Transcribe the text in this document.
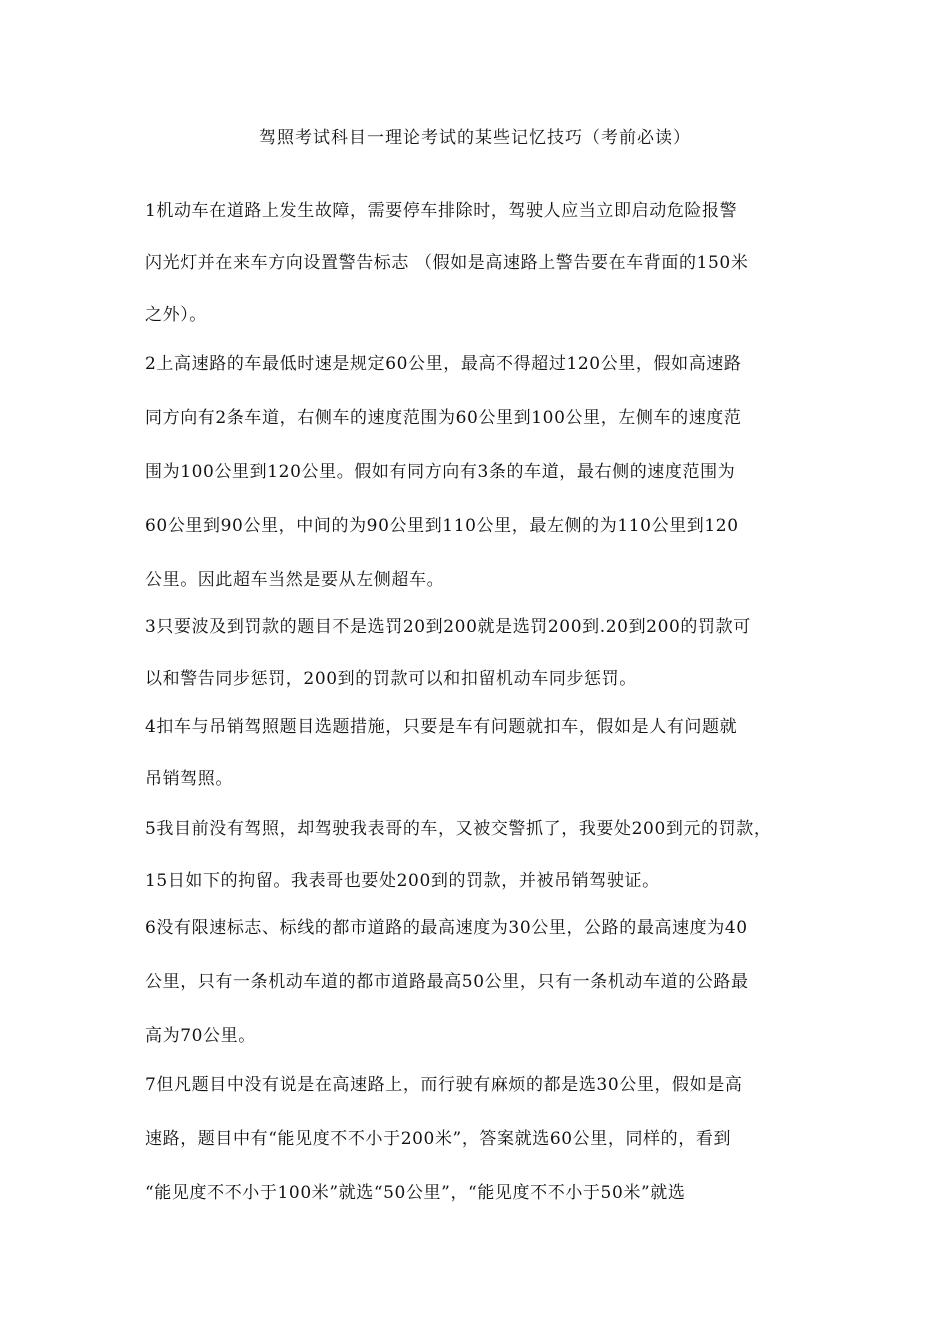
驾照考试科目一理论考试的某些记忆技巧（考前必读）
1机动车在道路上发生故障，需要停车排除时，驾驶人应当立即启动危险报警
闪光灯并在来车方向设置警告标志 （假如是高速路上警告要在车背面的150米
之外）。
2上高速路的车最低时速是规定60公里，最高不得超过120公里，假如高速路
同方向有2条车道，右侧车的速度范围为60公里到100公里，左侧车的速度范
围为100公里到120公里。假如有同方向有3条的车道，最右侧的速度范围为
60公里到90公里，中间的为90公里到110公里，最左侧的为110公里到120
公里。因此超车当然是要从左侧超车。
3只要波及到罚款的题目不是选罚20到200就是选罚200到.20到200的罚款可
以和警告同步惩罚，200到的罚款可以和扣留机动车同步惩罚。
4扣车与吊销驾照题目选题措施，只要是车有问题就扣车，假如是人有问题就
吊销驾照。
5我目前没有驾照，却驾驶我表哥的车，又被交警抓了，我要处200到元的罚款，
15日如下的拘留。我表哥也要处200到的罚款，并被吊销驾驶证。
6没有限速标志、标线的都市道路的最高速度为30公里，公路的最高速度为40
公里，只有一条机动车道的都市道路最高50公里，只有一条机动车道的公路最
高为70公里。
7但凡题目中没有说是在高速路上，而行驶有麻烦的都是选30公里，假如是高
速路，题目中有“能见度不不小于200米”，答案就选60公里，同样的，看到
“能见度不不小于100米”就选“50公里”，“能见度不不小于50米”就选
